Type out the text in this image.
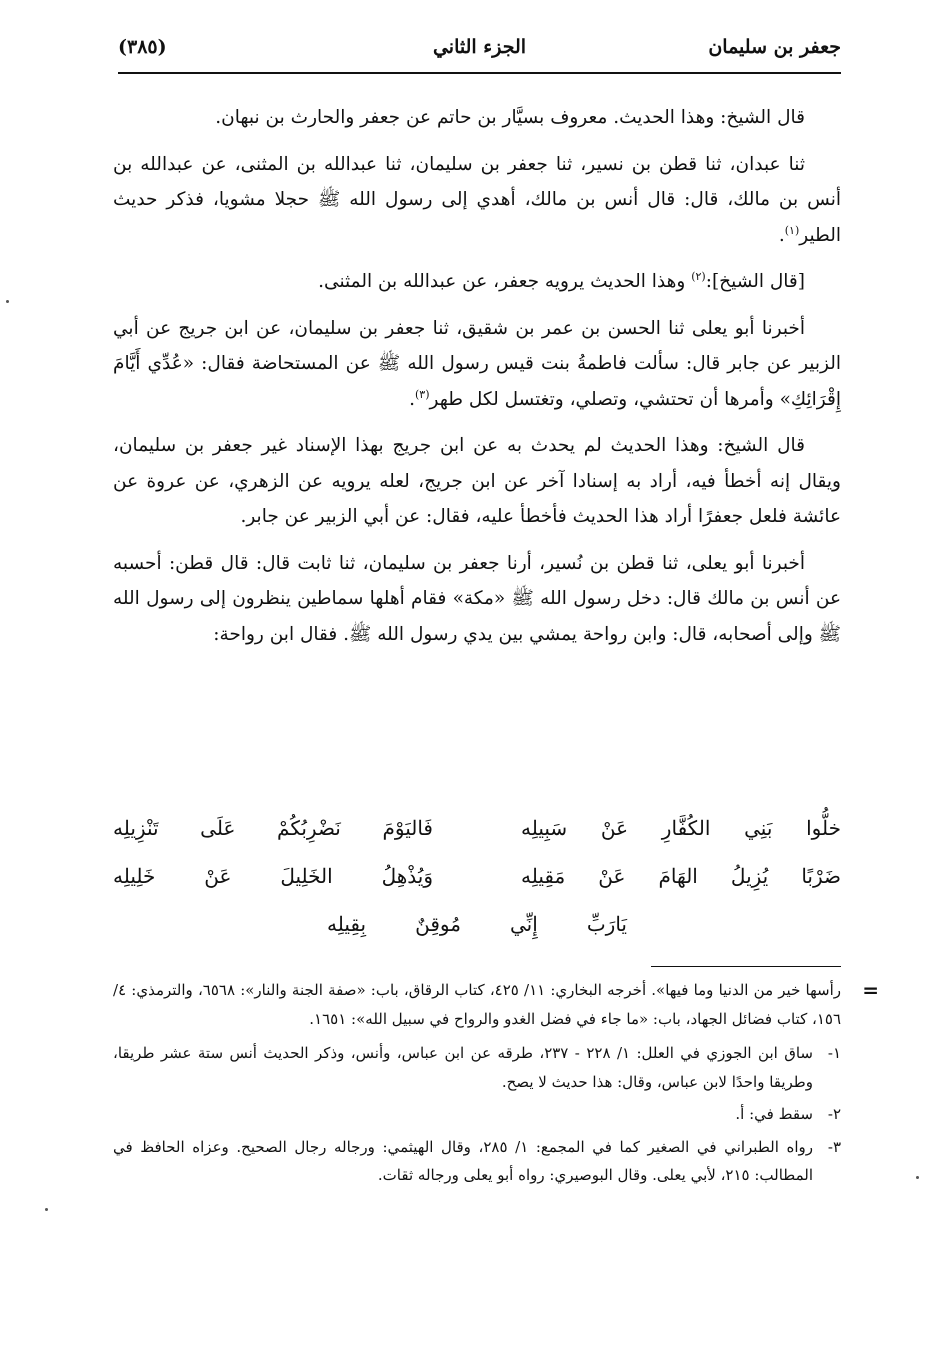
جعفر بن سليمان
الجزء الثاني
(٣٨٥)

قال الشيخ: وهذا الحديث. معروف بسيَّار بن حاتم عن جعفر والحارث بن نبهان.

ثنا عبدان، ثنا قطن بن نسير، ثنا جعفر بن سليمان، ثنا عبدالله بن المثنى، عن عبدالله بن أنس بن مالك، قال: قال أنس بن مالك، أهدي إلى رسول الله ﷺ حجلا مشويا، فذكر حديث الطير$^{(١)}$.

[قال الشيخ]:$^{(٢)}$ وهذا الحديث يرويه جعفر، عن عبدالله بن المثنى.

أخبرنا أبو يعلى ثنا الحسن بن عمر بن شقيق، ثنا جعفر بن سليمان، عن ابن جريج عن أبي الزبير عن جابر قال: سألت فاطمةُ بنت قيس رسول الله ﷺ عن المستحاضة فقال: «عُدِّي أَيَّامَ إِقْرَائِكِ» وأمرها أن تحتشي، وتصلي، وتغتسل لكل طهر$^{(٣)}$.

قال الشيخ: وهذا الحديث لم يحدث به عن ابن جريج بهذا الإسناد غير جعفر بن سليمان، ويقال إنه أخطأ فيه، أراد به إسنادا آخر عن ابن جريج، لعله يرويه عن الزهري، عن عروة عن عائشة فلعل جعفرًا أراد هذا الحديث فأخطأ عليه، فقال: عن أبي الزبير عن جابر.

أخبرنا أبو يعلى، ثنا قطن بن نُسير، أرنا جعفر بن سليمان، ثنا ثابت قال: قال قطن: أحسبه عن أنس بن مالك قال: دخل رسول الله ﷺ «مكة» فقام أهلها سماطين ينظرون إلى رسول الله ﷺ وإلى أصحابه، قال: وابن رواحة يمشي بين يدي رسول الله ﷺ. فقال ابن رواحة:

خلُّوا بَنِي الكُفَّارِ عَنْ سَبِيلِه
فَاليَوْمَ نَضْرِبُكُمْ عَلَى تَنْزِيلِه
ضَرْبًا يُزِيلُ الهَامَ عَنْ مَقِيلِه
وَيُذْهِلُ الخَلِيلَ عَنْ خَلِيلِه
يَارَبِّ إِنِّي مُوقِنٌ بِقِيلِه
=

رأسها خير من الدنيا وما فيها». أخرجه البخاري: ١١/ ٤٢٥، كتاب الرقاق، باب: «صفة الجنة والنار»: ٦٥٦٨، والترمذي: ٤/ ١٥٦، كتاب فضائل الجهاد، باب: «ما جاء في فضل الغدو والرواح في سبيل الله»: ١٦٥١.

١-
ساق ابن الجوزي في العلل: ١/ ٢٢٨ - ٢٣٧، طرقه عن ابن عباس، وأنس، وذكر الحديث أنس ستة عشر طريقا، وطريقا واحدًا لابن عباس، وقال: هذا حديث لا يصح.
٢-
سقط في: أ.
٣-
رواه الطبراني في الصغير كما في المجمع: ١/ ٢٨٥، وقال الهيثمي: ورجاله رجال الصحيح. وعزاه الحافظ في المطالب: ٢١٥، لأبي يعلى. وقال البوصيري: رواه أبو يعلى ورجاله ثقات.
